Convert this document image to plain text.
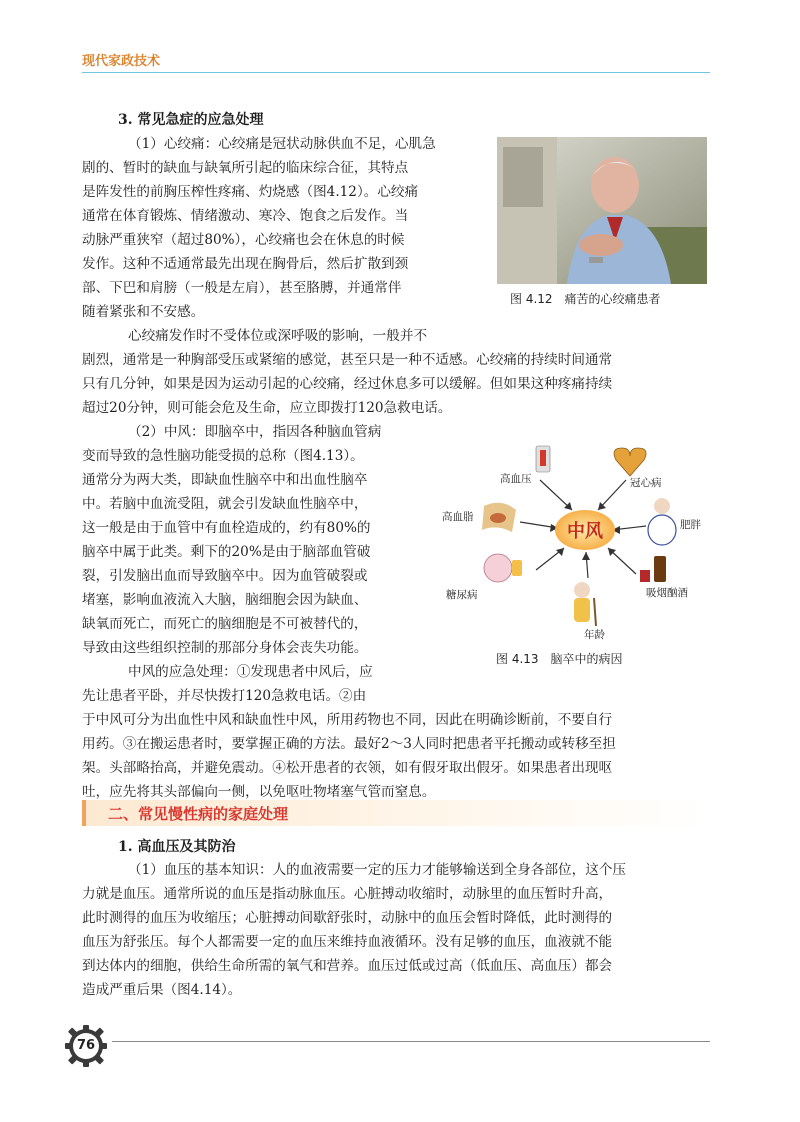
现代家政技术
3. 常见急症的应急处理
（1）心绞痛：心绞痛是冠状动脉供血不足，心肌急
剧的、暂时的缺血与缺氧所引起的临床综合征，其特点
是阵发性的前胸压榨性疼痛、灼烧感（图4.12）。心绞痛
通常在体育锻炼、情绪激动、寒冷、饱食之后发作。当
动脉严重狭窄（超过80%），心绞痛也会在休息的时候
发作。这种不适通常最先出现在胸骨后，然后扩散到颈
部、下巴和肩膀（一般是左肩），甚至胳膊，并通常伴
随着紧张和不安感。
心绞痛发作时不受体位或深呼吸的影响，一般并不
剧烈，通常是一种胸部受压或紧缩的感觉，甚至只是一种不适感。心绞痛的持续时间通常
只有几分钟，如果是因为运动引起的心绞痛，经过休息多可以缓解。但如果这种疼痛持续
超过20分钟，则可能会危及生命，应立即拨打120急救电话。
图 4.12　痛苦的心绞痛患者
（2）中风：即脑卒中，指因各种脑血管病
变而导致的急性脑功能受损的总称（图4.13）。
通常分为两大类，即缺血性脑卒中和出血性脑卒
中。若脑中血流受阻，就会引发缺血性脑卒中，
这一般是由于血管中有血栓造成的，约有80%的
脑卒中属于此类。剩下的20%是由于脑部血管破
裂，引发脑出血而导致脑卒中。因为血管破裂或
堵塞，影响血液流入大脑，脑细胞会因为缺血、
缺氧而死亡，而死亡的脑细胞是不可被替代的，
导致由这些组织控制的那部分身体会丧失功能。
中风的应急处理：①发现患者中风后，应
先让患者平卧，并尽快拨打120急救电话。②由
于中风可分为出血性中风和缺血性中风，所用药物也不同，因此在明确诊断前，不要自行
用药。③在搬运患者时，要掌握正确的方法。最好2～3人同时把患者平托搬动或转移至担
架。头部略抬高，并避免震动。④松开患者的衣领，如有假牙取出假牙。如果患者出现呕
吐，应先将其头部偏向一侧，以免呕吐物堵塞气管而窒息。
中风
高血压	冠心病
高血脂
肥胖
糖尿病	吸烟酗酒
年龄
图 4.13　脑卒中的病因
二、常见慢性病的家庭处理
1. 高血压及其防治
（1）血压的基本知识：人的血液需要一定的压力才能够输送到全身各部位，这个压
力就是血压。通常所说的血压是指动脉血压。心脏搏动收缩时，动脉里的血压暂时升高，
此时测得的血压为收缩压；心脏搏动间歇舒张时，动脉中的血压会暂时降低，此时测得的
血压为舒张压。每个人都需要一定的血压来维持血液循环。没有足够的血压，血液就不能
到达体内的细胞，供给生命所需的氧气和营养。血压过低或过高（低血压、高血压）都会
造成严重后果（图4.14）。
76
